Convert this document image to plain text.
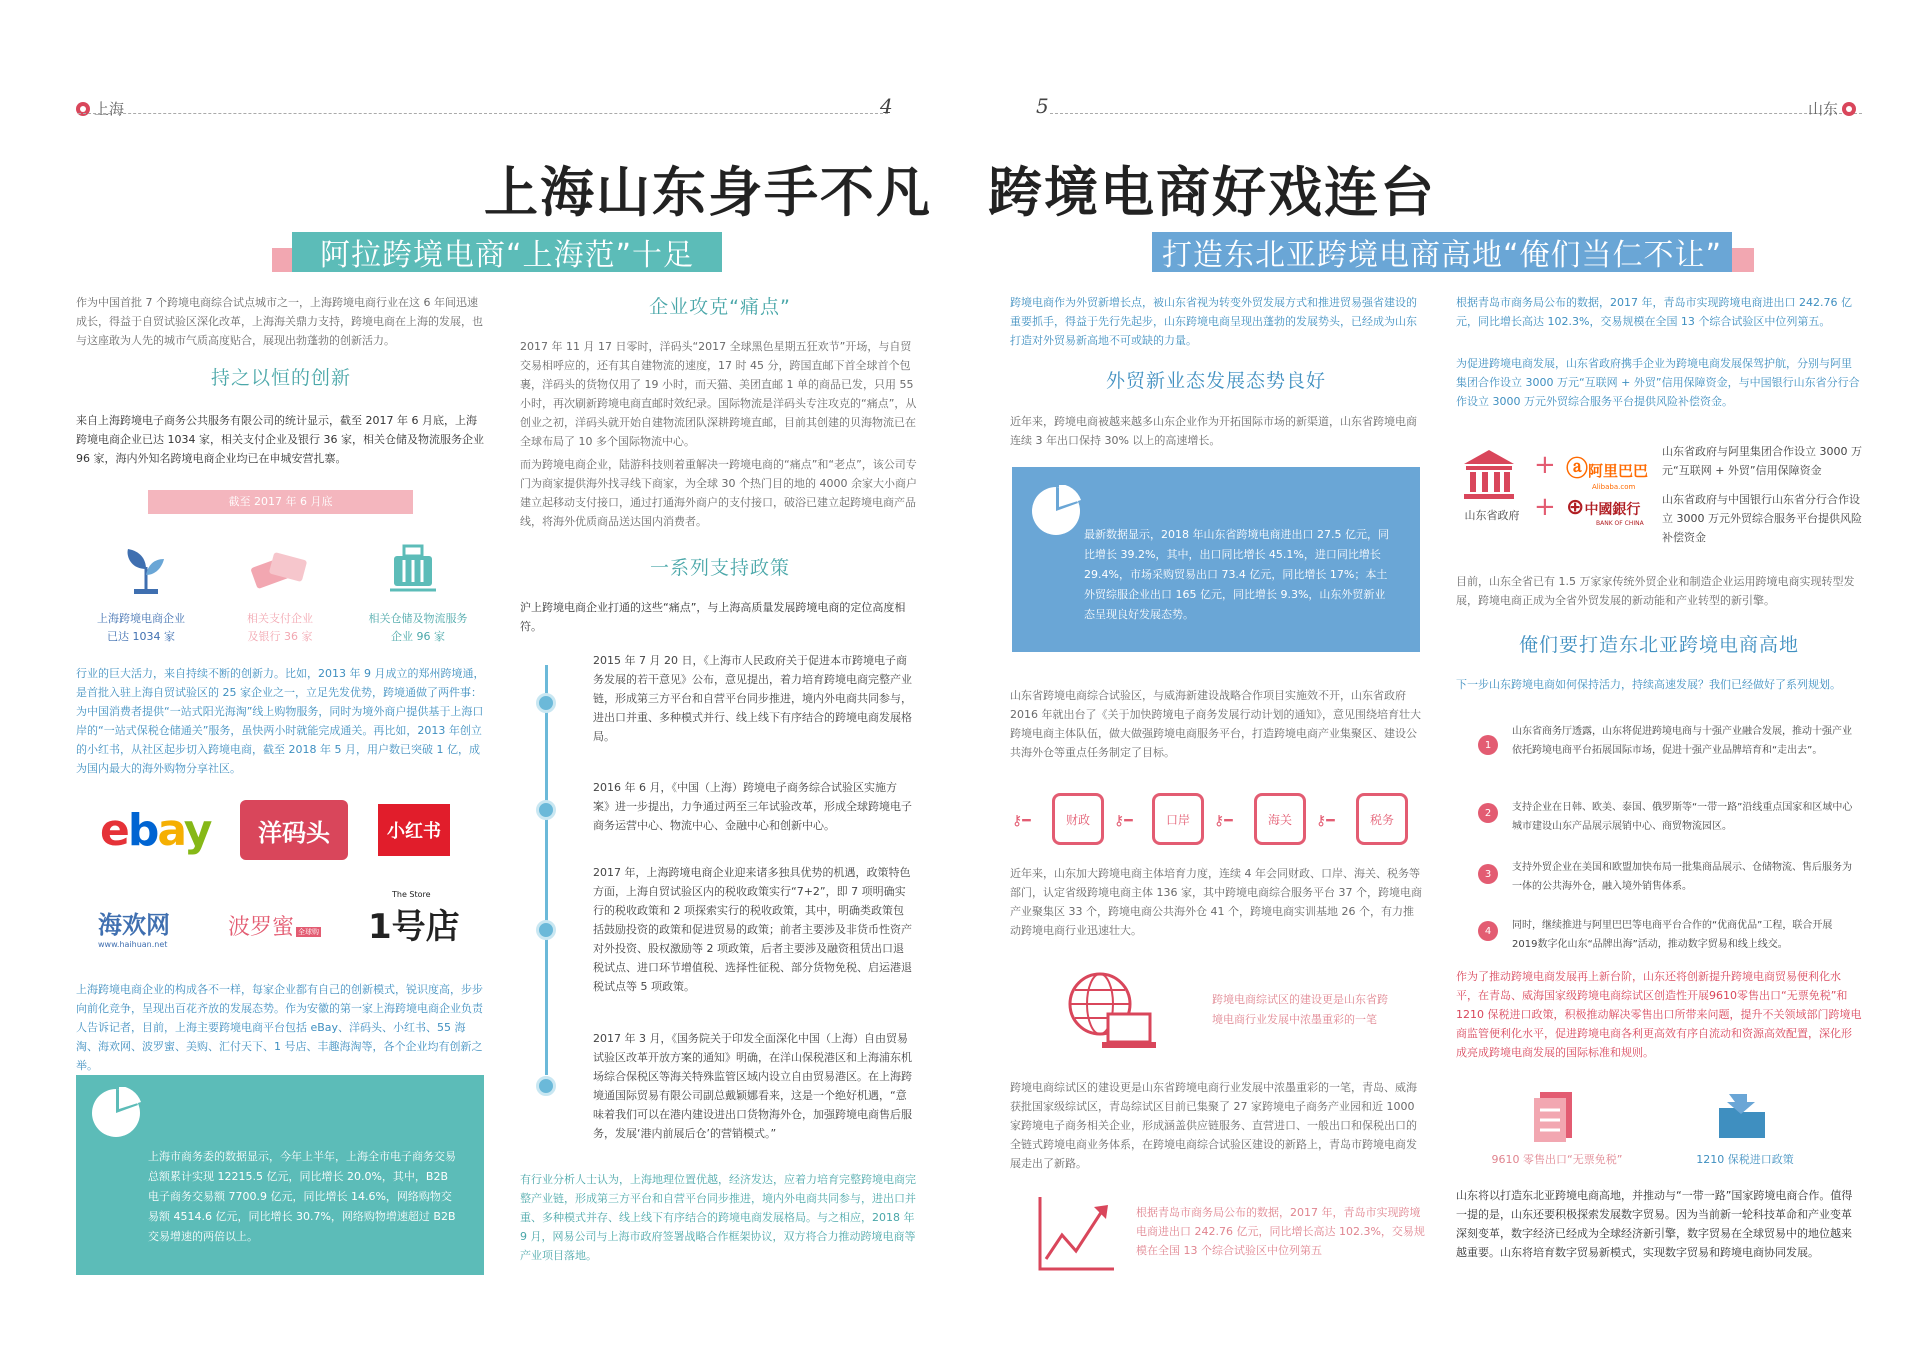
上海	4	5	山东
上海山东身手不凡　跨境电商好戏连台
阿拉跨境电商“上海范”十足
作为中国首批 7 个跨境电商综合试点城市之一，上海跨境电商行业在这 6 年间迅速成长，得益于自贸试验区深化改革，上海海关鼎力支持，跨境电商在上海的发展，也与这座敢为人先的城市气质高度贴合，展现出勃蓬勃的创新活力。
持之以恒的创新
来自上海跨境电子商务公共服务有限公司的统计显示，截至 2017 年 6 月底，上海跨境电商企业已达 1034 家，相关支付企业及银行 36 家，相关仓储及物流服务企业 96 家，海内外知名跨境电商企业均已在申城安营扎寨。
截至 2017 年 6 月底
上海跨境电商企业
已达 1034 家
相关支付企业
及银行 36 家
相关仓储及物流服务
企业 96 家
行业的巨大活力，来自持续不断的创新力。比如，2013 年 9 月成立的郑州跨境通，是首批入驻上海自贸试验区的 25 家企业之一，立足先发优势，跨境通做了两件事：为中国消费者提供“一站式阳光海淘”线上购物服务，同时为境外商户提供基于上海口岸的“一站式保税仓储通关”服务，虽快两小时就能完成通关。再比如，2013 年创立的小红书，从社区起步切入跨境电商，截至 2018 年 5 月，用户数已突破 1 亿，成为国内最大的海外购物分享社区。
ebay	洋码头	小红书
海欢网
www.haihuan.net
波罗蜜 全球购
The Store
1号店
上海跨境电商企业的构成各不一样，每家企业都有自己的创新模式，锐识度高，步步向前化竞争，呈现出百花齐放的发展态势。作为安徽的第一家上海跨境电商企业负责人告诉记者，目前，上海主要跨境电商平台包括 eBay、洋码头、小红书、55 海淘、海欢网、波罗蜜、美购、汇付天下、1 号店、丰趣海淘等，各个企业均有创新之举。
上海市商务委的数据显示，今年上半年，上海全市电子商务交易总额累计实现 12215.5 亿元，同比增长 20.0%，其中，B2B 电子商务交易额 7700.9 亿元，同比增长 14.6%，网络购物交易额 4514.6 亿元，同比增长 30.7%，网络购物增速超过 B2B 交易增速的两倍以上。
企业攻克“痛点”
2017 年 11 月 17 日零时，洋码头“2017 全球黑色星期五狂欢节”开场，与自贸交易相呼应的，还有其自建物流的速度，17 时 45 分，跨国直邮下首全球首个包裹，洋码头的货物仅用了 19 小时，而天猫、美团直邮 1 单的商品已发，只用 55 小时，再次刷新跨境电商直邮时效纪录。国际物流是洋码头专注攻克的“痛点”，从创业之初，洋码头就开始自建物流团队深耕跨境直邮，目前其创建的贝海物流已在全球布局了 10 多个国际物流中心。
而为跨境电商企业，陆游科技则着重解决一跨境电商的“痛点”和“老点”，该公司专门为商家提供海外找寻线下商家，为全球 30 个热门目的地的 4000 余家大小商户建立起移动支付接口，通过打通海外商户的支付接口，破浴已建立起跨境电商产品线，将海外优质商品送达国内消费者。
一系列支持政策
沪上跨境电商企业打通的这些“痛点”，与上海高质量发展跨境电商的定位高度相符。
2015 年 7 月 20 日，《上海市人民政府关于促进本市跨境电子商务发展的若干意见》公布，意见提出，着力培育跨境电商完整产业链，形成第三方平台和自营平台同步推进，境内外电商共同参与，进出口并重、多种模式并行、线上线下有序结合的跨境电商发展格局。
2016 年 6 月，《中国（上海）跨境电子商务综合试验区实施方案》进一步提出，力争通过两至三年试验改革，形成全球跨境电子商务运营中心、物流中心、金融中心和创新中心。
2017 年，上海跨境电商企业迎来诸多独具优势的机遇，政策特色方面，上海自贸试验区内的税收政策实行“7+2”，即 7 项明确实行的税收政策和 2 项探索实行的税收政策，其中，明确类政策包括鼓励投资的政策和促进贸易的政策；前者主要涉及非货币性资产对外投资、股权激励等 2 项政策，后者主要涉及融资租赁出口退税试点、进口环节增值税、选择性征税、部分货物免税、启运港退税试点等 5 项政策。
2017 年 3 月，《国务院关于印发全面深化中国（上海）自由贸易试验区改革开放方案的通知》明确，在洋山保税港区和上海浦东机场综合保税区等海关特殊监管区域内设立自由贸易港区。在上海跨境通国际贸易有限公司副总戴颖娜看来，这是一个绝好机遇，“意味着我们可以在港内建设进出口货物海外仓，加强跨境电商售后服务，发展‘港内前展后仓’的营销模式。”
有行业分析人士认为，上海地理位置优越，经济发达，应着力培育完整跨境电商完整产业链，形成第三方平台和自营平台同步推进，境内外电商共同参与，进出口并重、多种模式并存、线上线下有序结合的跨境电商发展格局。与之相应，2018 年 9 月，网易公司与上海市政府签署战略合作框架协议，双方将合力推动跨境电商等产业项目落地。
打造东北亚跨境电商高地“俺们当仁不让”
跨境电商作为外贸新增长点，被山东省视为转变外贸发展方式和推进贸易强省建设的重要抓手，得益于先行先起步，山东跨境电商呈现出蓬勃的发展势头，已经成为山东打造对外贸易新高地不可或缺的力量。
外贸新业态发展态势良好
近年来，跨境电商被越来越多山东企业作为开拓国际市场的新渠道，山东省跨境电商连续 3 年出口保持 30% 以上的高速增长。
最新数据显示，2018 年山东省跨境电商进出口 27.5 亿元，同比增长 39.2%，其中，出口同比增长 45.1%，进口同比增长 29.4%，市场采购贸易出口 73.4 亿元，同比增长 17%；本土外贸综服企业出口 165 亿元，同比增长 9.3%，山东外贸新业态呈现良好发展态势。
山东省跨境电商综合试验区，与威海新建设战略合作项目实施效不开，山东省政府 2016 年就出台了《关于加快跨境电子商务发展行动计划的通知》，意见围绕培育壮大跨境电商主体队伍，做大做强跨境电商服务平台，打造跨境电商产业集聚区、建设公共海外仓等重点任务制定了目标。
⚷━	财政	⚷━	口岸	⚷━	海关	⚷━	税务
近年来，山东加大跨境电商主体培育力度，连续 4 年会同财政、口岸、海关、税务等部门，认定省级跨境电商主体 136 家，其中跨境电商综合服务平台 37 个，跨境电商产业聚集区 33 个，跨境电商公共海外仓 41 个，跨境电商实训基地 26 个，有力推动跨境电商行业迅速壮大。
跨境电商综试区的建设更是山东省跨境电商行业发展中浓墨重彩的一笔
跨境电商综试区的建设更是山东省跨境电商行业发展中浓墨重彩的一笔，青岛、威海获批国家级综试区，青岛综试区目前已集聚了 27 家跨境电子商务产业园和近 1000 家跨境电子商务相关企业，形成涵盖供应链服务、直营进口、一般出口和保税出口的全链式跨境电商业务体系，在跨境电商综合试验区建设的新路上，青岛市跨境电商发展走出了新路。
根据青岛市商务局公布的数据，2017 年，青岛市实现跨境电商进出口 242.76 亿元，同比增长高达 102.3%，交易规模在全国 13 个综合试验区中位列第五
根据青岛市商务局公布的数据，2017 年，青岛市实现跨境电商进出口 242.76 亿元，同比增长高达 102.3%，交易规模在全国 13 个综合试验区中位列第五。
为促进跨境电商发展，山东省政府携手企业为跨境电商发展保驾护航，分别与阿里集团合作设立 3000 万元“互联网 + 外贸”信用保障资金，与中国银行山东省分行合作设立 3000 万元外贸综合服务平台提供风险补偿资金。
山东省政府
+
+
ⓐ阿里巴巴
Alibaba.com
⊕中國銀行
BANK OF CHINA
山东省政府与阿里集团合作设立 3000 万元“互联网 + 外贸”信用保障资金
山东省政府与中国银行山东省分行合作设立 3000 万元外贸综合服务平台提供风险补偿资金
目前，山东全省已有 1.5 万家家传统外贸企业和制造企业运用跨境电商实现转型发展，跨境电商正成为全省外贸发展的新动能和产业转型的新引擎。
俺们要打造东北亚跨境电商高地
下一步山东跨境电商如何保持活力，持续高速发展？我们已经做好了系列规划。
1
2
3
4
山东省商务厅透露，山东将促进跨境电商与十强产业融合发展，推动十强产业依托跨境电商平台拓展国际市场，促进十强产业品牌培育和“走出去”。
支持企业在日韩、欧美、泰国、俄罗斯等“一带一路”沿线重点国家和区域中心城市建设山东产品展示展销中心、商贸物流园区。
支持外贸企业在美国和欧盟加快布局一批集商品展示、仓储物流、售后服务为一体的公共海外仓，融入境外销售体系。
同时，继续推进与阿里巴巴等电商平台合作的“优商优品”工程，联合开展2019数字化山东“品牌出海”活动，推动数字贸易和线上线交。
作为了推动跨境电商发展再上新台阶，山东还将创新提升跨境电商贸易便利化水平，在青岛、威海国家级跨境电商综试区创造性开展9610零售出口“无票免税”和 1210 保税进口政策，积极推动解决零售出口所带来问题，提升不关领域部门跨境电商监管便利化水平，促进跨境电商各利更高效有序自流动和资源高效配置，深化形成亮成跨境电商发展的国际标准和规则。
9610 零售出口“无票免税”	1210 保税进口政策
山东将以打造东北亚跨境电商高地，并推动与“一带一路”国家跨境电商合作。值得一提的是，山东还要积极探索发展数字贸易。因为当前新一轮科技革命和产业变革深刻变革，数字经济已经成为全球经济新引擎，数字贸易在全球贸易中的地位越来越重要。山东将培育数字贸易新模式，实现数字贸易和跨境电商协同发展。
